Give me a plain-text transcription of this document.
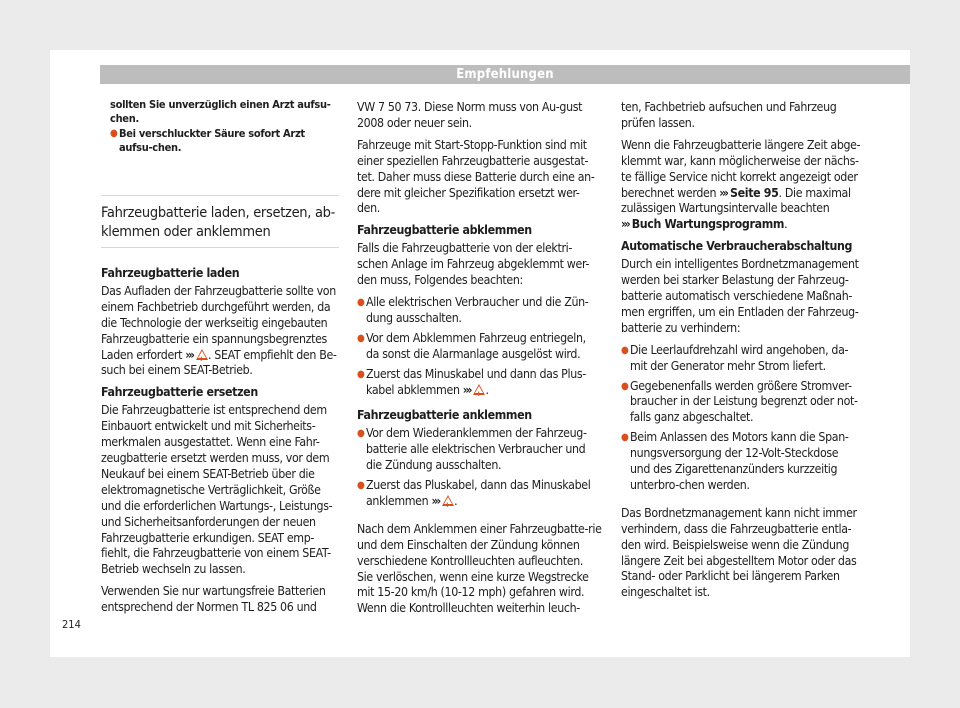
Empfehlungen

sollten Sie unverzüglich einen Arzt aufsu-chen.

● Bei verschluckter Säure sofort Arzt aufsu-chen.

Fahrzeugbatterie laden, ersetzen, ab-klemmen oder anklemmen

Fahrzeugbatterie laden

Das Aufladen der Fahrzeugbatterie sollte von einem Fachbetrieb durchgeführt werden, da die Technologie der werkseitig eingebauten Fahrzeugbatterie ein spannungsbegrenztes Laden erfordert ››› ! . SEAT empfiehlt den Be-such bei einem SEAT-Betrieb.

Fahrzeugbatterie ersetzen

Die Fahrzeugbatterie ist entsprechend dem Einbauort entwickelt und mit Sicherheits-merkmalen ausgestattet. Wenn eine Fahr-zeugbatterie ersetzt werden muss, vor dem Neukauf bei einem SEAT-Betrieb über die elektromagnetische Verträglichkeit, Größe und die erforderlichen Wartungs-, Leistungs- und Sicherheitsanforderungen der neuen Fahrzeugbatterie erkundigen. SEAT emp-fiehlt, die Fahrzeugbatterie von einem SEAT-Betrieb wechseln zu lassen.

Verwenden Sie nur wartungsfreie Batterien entsprechend der Normen TL 825 06 und

VW 7 50 73. Diese Norm muss von Au-gust 2008 oder neuer sein.

Fahrzeuge mit Start-Stopp-Funktion sind mit einer speziellen Fahrzeugbatterie ausgestat-tet. Daher muss diese Batterie durch eine an-dere mit gleicher Spezifikation ersetzt wer-den.

Fahrzeugbatterie abklemmen

Falls die Fahrzeugbatterie von der elektri-schen Anlage im Fahrzeug abgeklemmt wer-den muss, Folgendes beachten:

● Alle elektrischen Verbraucher und die Zün-dung ausschalten.

● Vor dem Abklemmen Fahrzeug entriegeln, da sonst die Alarmanlage ausgelöst wird.

● Zuerst das Minuskabel und dann das Plus-kabel abklemmen ››› ! .

Fahrzeugbatterie anklemmen

● Vor dem Wiederanklemmen der Fahrzeug-batterie alle elektrischen Verbraucher und die Zündung ausschalten.

● Zuerst das Pluskabel, dann das Minuskabel anklemmen ››› ! .

Nach dem Anklemmen einer Fahrzeugbatte-rie und dem Einschalten der Zündung können verschiedene Kontrollleuchten aufleuchten. Sie verlöschen, wenn eine kurze Wegstrecke mit 15-20 km/h (10-12 mph) gefahren wird. Wenn die Kontrollleuchten weiterhin leuch-

ten, Fachbetrieb aufsuchen und Fahrzeug prüfen lassen.

Wenn die Fahrzeugbatterie längere Zeit abge-klemmt war, kann möglicherweise der nächs-te fällige Service nicht korrekt angezeigt oder berechnet werden ››› Seite 95. Die maximal zulässigen Wartungsintervalle beachten ››› Buch Wartungsprogramm.

Automatische Verbraucherabschaltung

Durch ein intelligentes Bordnetzmanagement werden bei starker Belastung der Fahrzeug-batterie automatisch verschiedene Maßnah-men ergriffen, um ein Entladen der Fahrzeug-batterie zu verhindern:

● Die Leerlaufdrehzahl wird angehoben, da-mit der Generator mehr Strom liefert.

● Gegebenenfalls werden größere Stromver-braucher in der Leistung begrenzt oder not-falls ganz abgeschaltet.

● Beim Anlassen des Motors kann die Span-nungsversorgung der 12-Volt-Steckdose und des Zigarettenanzünders kurzzeitig unterbro-chen werden.

Das Bordnetzmanagement kann nicht immer verhindern, dass die Fahrzeugbatterie entla-den wird. Beispielsweise wenn die Zündung längere Zeit bei abgestelltem Motor oder das Stand- oder Parklicht bei längerem Parken eingeschaltet ist.

214
